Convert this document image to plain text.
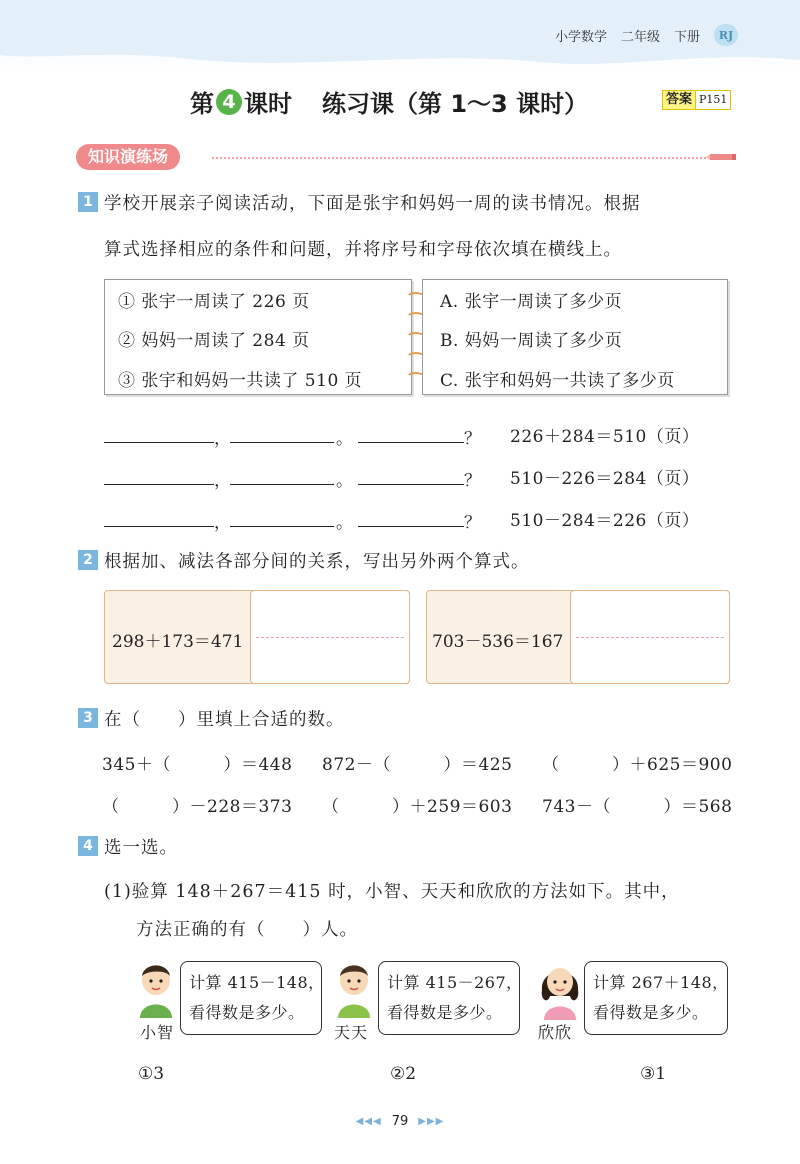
小学数学 二年级 下册	RJ
第 4 课时 练习课（第 1～3 课时）	答案 P151
知识演练场
1 学校开展亲子阅读活动，下面是张宇和妈妈一周的读书情况。根据
算式选择相应的条件和问题，并将序号和字母依次填在横线上。
① 张宇一周读了 226 页
② 妈妈一周读了 284 页
③ 张宇和妈妈一共读了 510 页
A. 张宇一周读了多少页
B. 妈妈一周读了多少页
C. 张宇和妈妈一共读了多少页
，	。	？ 226＋284＝510（页）
，	。	？ 510－226＝284（页）
，	。	？ 510－284＝226（页）
2 根据加、减法各部分间的关系，写出另外两个算式。
298＋173＝471	703－536＝167
3 在（　　）里填上合适的数。
345＋（　　　）＝448 872－（　　　）＝425 （　　　）＋625＝900
（　　　）－228＝373 （　　　）＋259＝603 743－（　　　）＝568
4 选一选。
(1)验算 148＋267＝415 时，小智、天天和欣欣的方法如下。其中，
方法正确的有（　　）人。
计算 415－148，
看得数是多少。
小智
计算 415－267，
看得数是多少。
天天
计算 267＋148，
看得数是多少。
欣欣
①3	②2	③1
◀◀◀ 79 ▶▶▶
